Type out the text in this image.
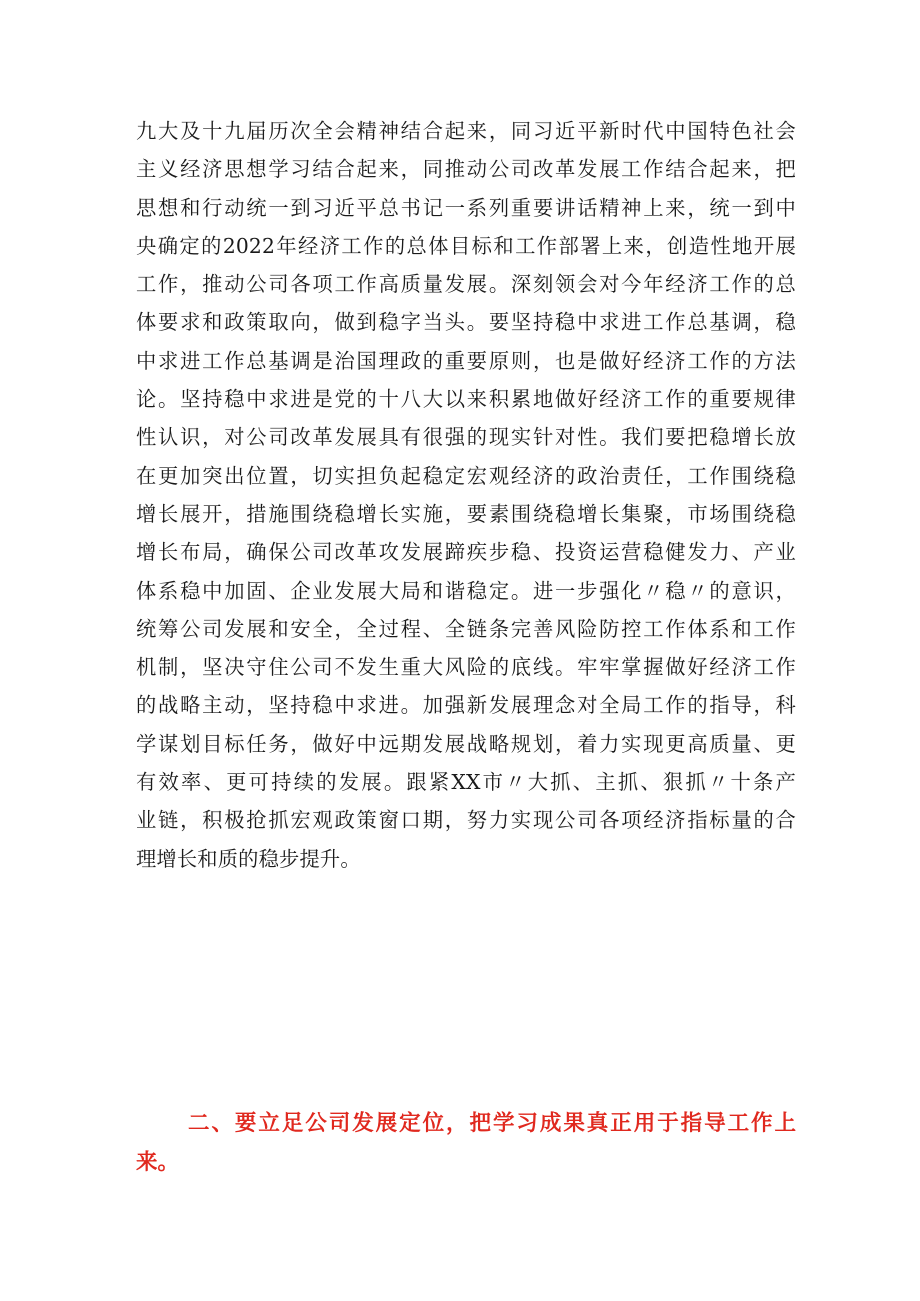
九大及十九届历次全会精神结合起来，同习近平新时代中国特色社会
主义经济思想学习结合起来，同推动公司改革发展工作结合起来，把
思想和行动统一到习近平总书记一系列重要讲话精神上来，统一到中
央确定的2022年经济工作的总体目标和工作部署上来，创造性地开展
工作，推动公司各项工作高质量发展。深刻领会对今年经济工作的总
体要求和政策取向，做到稳字当头。要坚持稳中求进工作总基调，稳
中求进工作总基调是治国理政的重要原则，也是做好经济工作的方法
论。坚持稳中求进是党的十八大以来积累地做好经济工作的重要规律
性认识，对公司改革发展具有很强的现实针对性。我们要把稳增长放
在更加突出位置，切实担负起稳定宏观经济的政治责任，工作围绕稳
增长展开，措施围绕稳增长实施，要素围绕稳增长集聚，市场围绕稳
增长布局，确保公司改革攻发展蹄疾步稳、投资运营稳健发力、产业
体系稳中加固、企业发展大局和谐稳定。进一步强化〃稳〃的意识，
统筹公司发展和安全，全过程、全链条完善风险防控工作体系和工作
机制，坚决守住公司不发生重大风险的底线。牢牢掌握做好经济工作
的战略主动，坚持稳中求进。加强新发展理念对全局工作的指导，科
学谋划目标任务，做好中远期发展战略规划，着力实现更高质量、更
有效率、更可持续的发展。跟紧XX市〃大抓、主抓、狠抓〃十条产
业链，积极抢抓宏观政策窗口期，努力实现公司各项经济指标量的合
理增长和质的稳步提升。
二、要立足公司发展定位，把学习成果真正用于指导工作上
来。
